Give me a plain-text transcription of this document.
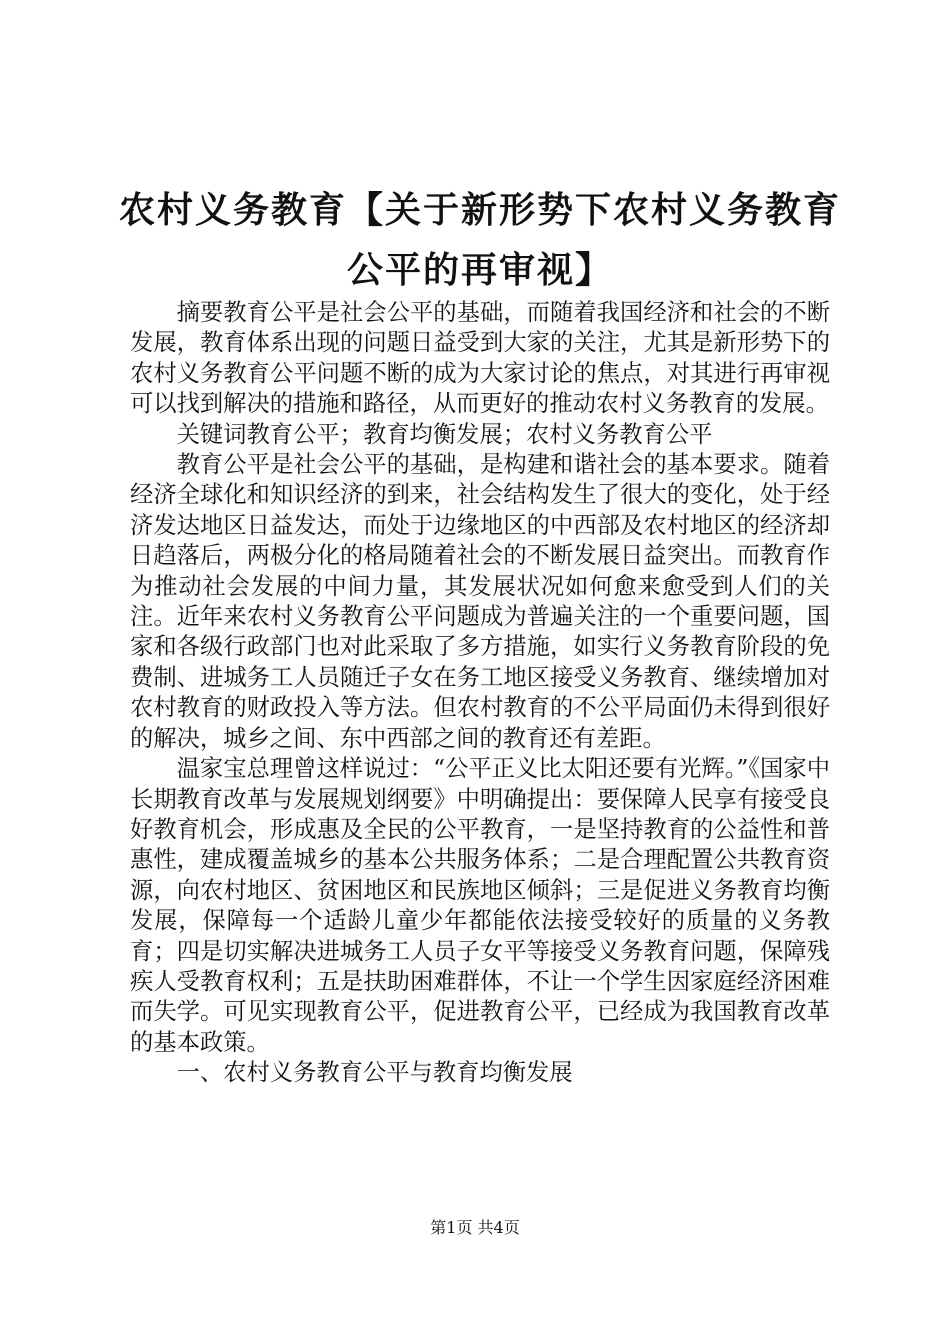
农村义务教育【关于新形势下农村义务教育公平的再审视】

摘要教育公平是社会公平的基础，而随着我国经济和社会的不断发展，教育体系出现的问题日益受到大家的关注，尤其是新形势下的农村义务教育公平问题不断的成为大家讨论的焦点，对其进行再审视可以找到解决的措施和路径，从而更好的推动农村义务教育的发展。

关键词教育公平；教育均衡发展；农村义务教育公平

教育公平是社会公平的基础，是构建和谐社会的基本要求。随着经济全球化和知识经济的到来，社会结构发生了很大的变化，处于经济发达地区日益发达，而处于边缘地区的中西部及农村地区的经济却日趋落后，两极分化的格局随着社会的不断发展日益突出。而教育作为推动社会发展的中间力量，其发展状况如何愈来愈受到人们的关注。近年来农村义务教育公平问题成为普遍关注的一个重要问题，国家和各级行政部门也对此采取了多方措施，如实行义务教育阶段的免费制、进城务工人员随迁子女在务工地区接受义务教育、继续增加对农村教育的财政投入等方法。但农村教育的不公平局面仍未得到很好的解决，城乡之间、东中西部之间的教育还有差距。

温家宝总理曾这样说过：“公平正义比太阳还要有光辉。”《国家中长期教育改革与发展规划纲要》中明确提出：要保障人民享有接受良好教育机会，形成惠及全民的公平教育，一是坚持教育的公益性和普惠性，建成覆盖城乡的基本公共服务体系；二是合理配置公共教育资源，向农村地区、贫困地区和民族地区倾斜；三是促进义务教育均衡发展，保障每一个适龄儿童少年都能依法接受较好的质量的义务教育；四是切实解决进城务工人员子女平等接受义务教育问题，保障残疾人受教育权利；五是扶助困难群体，不让一个学生因家庭经济困难而失学。可见实现教育公平，促进教育公平，已经成为我国教育改革的基本政策。

一、农村义务教育公平与教育均衡发展

第1页 共4页
